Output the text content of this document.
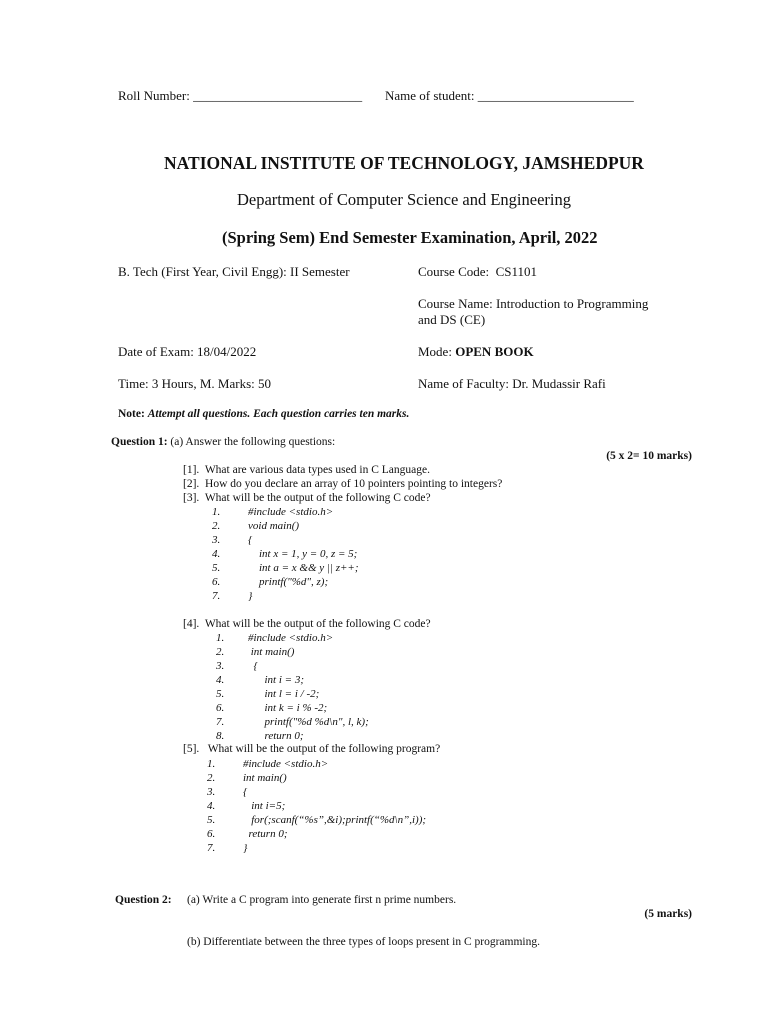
Roll Number: __________________________ Name of student: ________________________
NATIONAL INSTITUTE OF TECHNOLOGY, JAMSHEDPUR
Department of Computer Science and Engineering
(Spring Sem) End Semester Examination, April, 2022
B. Tech (First Year, Civil Engg): II Semester	Course Code: CS1101
Course Name: Introduction to Programming
and DS (CE)
Date of Exam: 18/04/2022	Mode: OPEN BOOK
Time: 3 Hours, M. Marks: 50	Name of Faculty: Dr. Mudassir Rafi
Note: Attempt all questions. Each question carries ten marks.
Question 1: (a) Answer the following questions:
(5 x 2= 10 marks)
[1].  What are various data types used in C Language.
[2].  How do you declare an array of 10 pointers pointing to integers?
[3].  What will be the output of the following C code?
1.	#include <stdio.h>
2.	void main()
3.	{
4.	int x = 1, y = 0, z = 5;
5.	int a = x && y || z++;
6.	printf("%d", z);
7.	}
[4].  What will be the output of the following C code?
1. #include <stdio.h>
2. int main()
3. {
4. int i = 3;
5. int l = i / -2;
6. int k = i % -2;
7. printf("%d %d\n", l, k);
8. return 0;
[5].   What will be the output of the following program?
1.	#include <stdio.h>
2.	int main()
3.	{
4.	int i=5;
5.	for(;scanf(“%s”,&i);printf(“%d\n”,i));
6.	return 0;
7.	}
Question 2: (a) Write a C program into generate first n prime numbers.
(5 marks)
(b) Differentiate between the three types of loops present in C programming.
